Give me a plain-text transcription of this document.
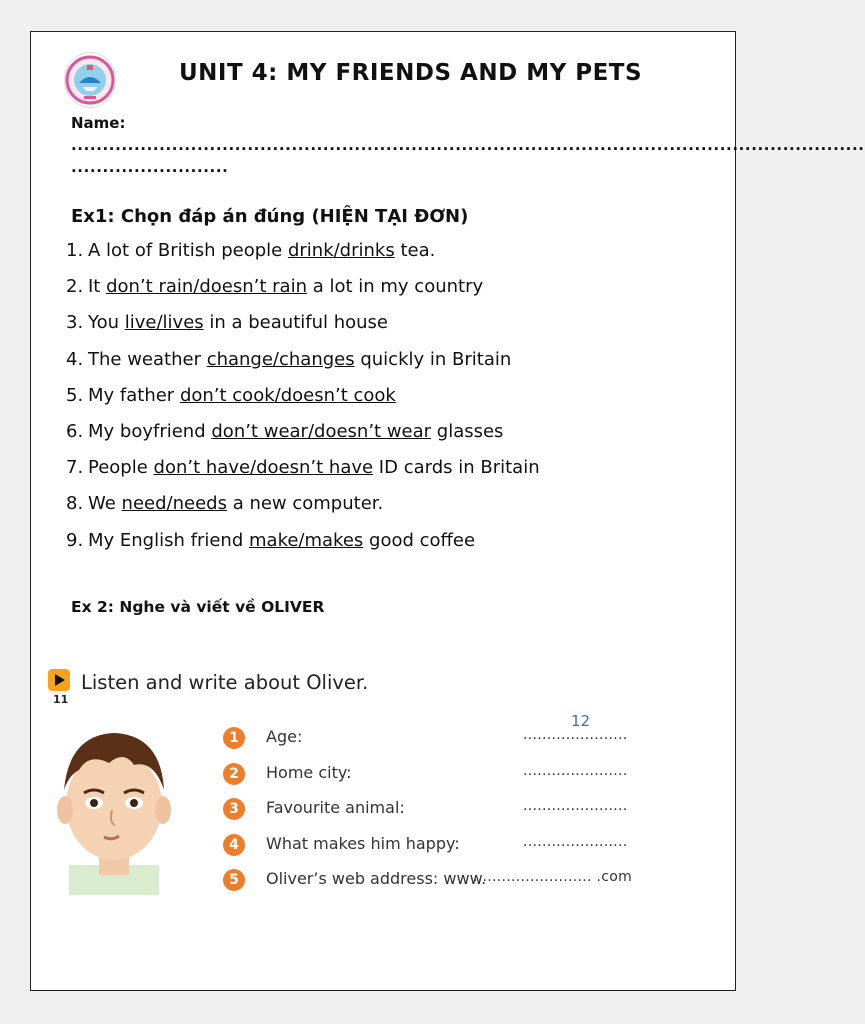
UNIT 4: MY FRIENDS AND MY PETS
Name:
..............................................................................................................................
.........................
Ex1: Chọn đáp án đúng (HIỆN TẠI ĐƠN)
1. A lot of British people drink/drinks tea.
2. It don’t rain/doesn’t rain a lot in my country
3. You live/lives in a beautiful house
4. The weather change/changes quickly in Britain
5. My father don’t cook/doesn’t cook
6. My boyfriend don’t wear/doesn’t wear glasses
7. People don’t have/doesn’t have ID cards in Britain
8. We need/needs a new computer.
9. My English friend make/makes good coffee
Ex 2: Nghe và viết về OLIVER
11
Listen and write about Oliver.
1	Age:	......................
12
2	Home city:	......................
3	Favourite animal:	......................
4	What makes him happy:	......................
5	Oliver’s web address: www.
......................... .com
